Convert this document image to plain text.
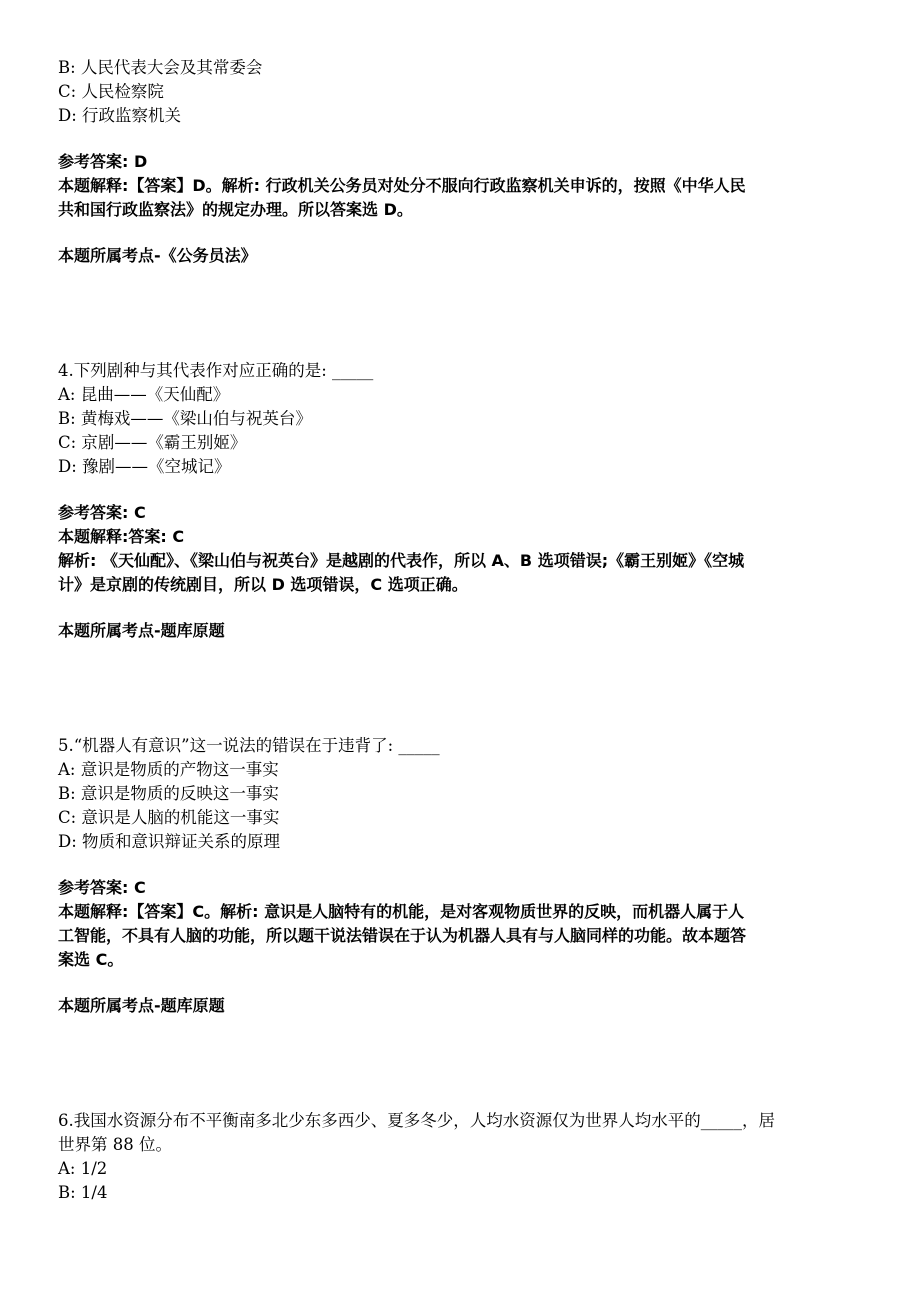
B: 人民代表大会及其常委会

C: 人民检察院

D: 行政监察机关

参考答案: D

本题解释:【答案】D。解析: 行政机关公务员对处分不服向行政监察机关申诉的，按照《中华人民

共和国行政监察法》的规定办理。所以答案选 D。

本题所属考点-《公务员法》

4.下列剧种与其代表作对应正确的是: _____

A: 昆曲——《天仙配》

B: 黄梅戏——《梁山伯与祝英台》

C: 京剧——《霸王别姬》

D: 豫剧——《空城记》

参考答案: C

本题解释:答案: C

解析: 《天仙配》、《梁山伯与祝英台》是越剧的代表作，所以 A、B 选项错误;《霸王别姬》《空城

计》是京剧的传统剧目，所以 D 选项错误，C 选项正确。

本题所属考点-题库原题

5.“机器人有意识”这一说法的错误在于违背了: _____

A: 意识是物质的产物这一事实

B: 意识是物质的反映这一事实

C: 意识是人脑的机能这一事实

D: 物质和意识辩证关系的原理

参考答案: C

本题解释:【答案】C。解析: 意识是人脑特有的机能，是对客观物质世界的反映，而机器人属于人

工智能，不具有人脑的功能，所以题干说法错误在于认为机器人具有与人脑同样的功能。故本题答

案选 C。

本题所属考点-题库原题

6.我国水资源分布不平衡南多北少东多西少、夏多冬少，人均水资源仅为世界人均水平的_____，居

世界第 88 位。

A: 1/2

B: 1/4
